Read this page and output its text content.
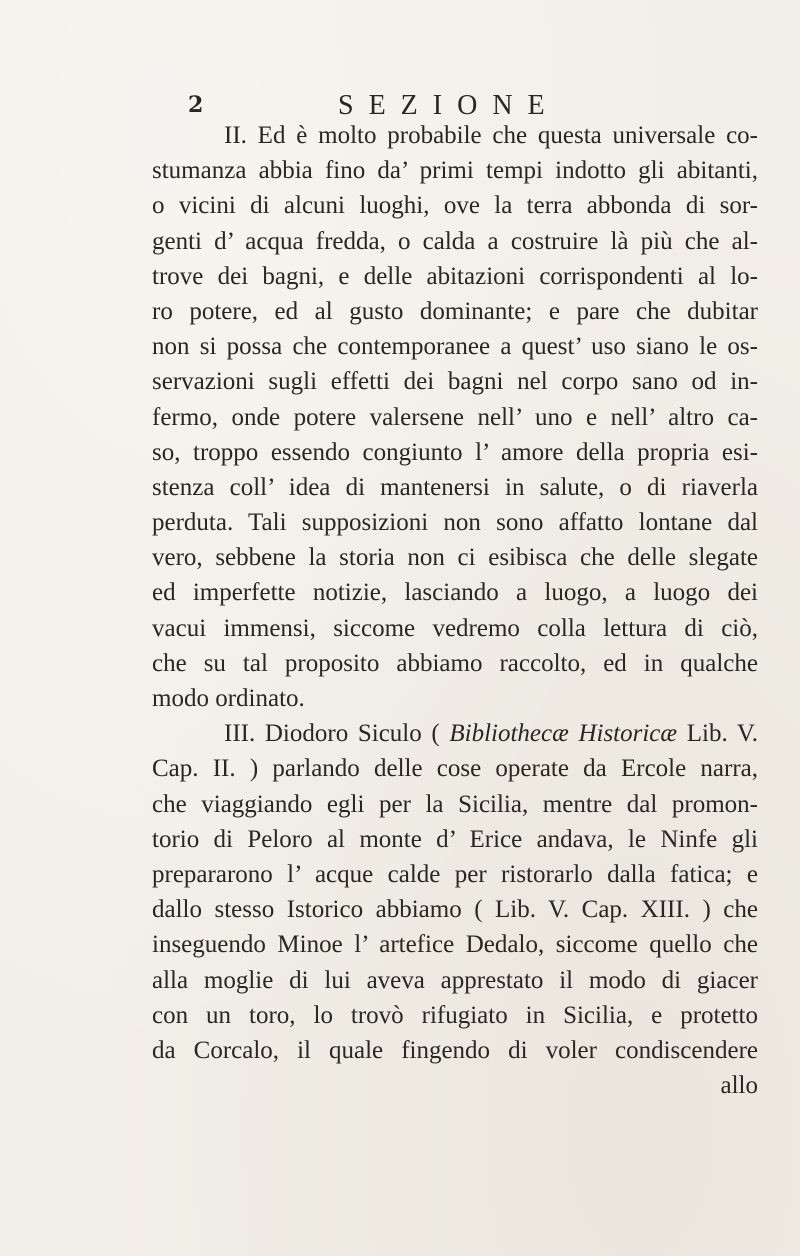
2	SEZIONE
II. Ed è molto probabile che questa universale co-
stumanza abbia fino da’ primi tempi indotto gli abitanti,
o vicini di alcuni luoghi, ove la terra abbonda di sor-
genti d’ acqua fredda, o calda a costruire là più che al-
trove dei bagni, e delle abitazioni corrispondenti al lo-
ro potere, ed al gusto dominante; e pare che dubitar
non si possa che contemporanee a quest’ uso siano le os-
servazioni sugli effetti dei bagni nel corpo sano od in-
fermo, onde potere valersene nell’ uno e nell’ altro ca-
so, troppo essendo congiunto l’ amore della propria esi-
stenza coll’ idea di mantenersi in salute, o di riaverla
perduta. Tali supposizioni non sono affatto lontane dal
vero, sebbene la storia non ci esibisca che delle slegate
ed imperfette notizie, lasciando a luogo, a luogo dei
vacui immensi, siccome vedremo colla lettura di ciò,
che su tal proposito abbiamo raccolto, ed in qualche
modo ordinato.
III. Diodoro Siculo ( Bibliothecæ Historicæ Lib. V.
Cap. II. ) parlando delle cose operate da Ercole narra,
che viaggiando egli per la Sicilia, mentre dal promon-
torio di Peloro al monte d’ Erice andava, le Ninfe gli
prepararono l’ acque calde per ristorarlo dalla fatica; e
dallo stesso Istorico abbiamo ( Lib. V. Cap. XIII. ) che
inseguendo Minoe l’ artefice Dedalo, siccome quello che
alla moglie di lui aveva apprestato il modo di giacer
con un toro, lo trovò rifugiato in Sicilia, e protetto
da Corcalo, il quale fingendo di voler condiscendere
allo
